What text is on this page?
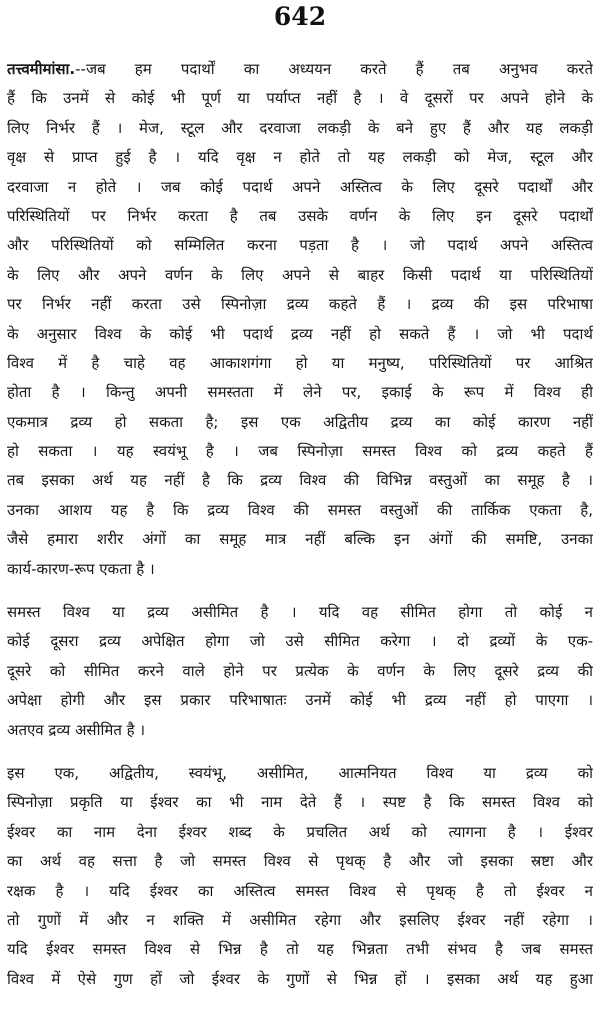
642
तत्त्वमीमांसा.--जब हम पदार्थों का अध्ययन करते हैं तब अनुभव करते
हैं कि उनमें से कोई भी पूर्ण या पर्याप्त नहीं है । वे दूसरों पर अपने होने के
लिए निर्भर हैं । मेज, स्टूल और दरवाजा लकड़ी के बने हुए हैं और यह लकड़ी
वृक्ष से प्राप्त हुई है । यदि वृक्ष न होते तो यह लकड़ी को मेज, स्टूल और
दरवाजा न होते । जब कोई पदार्थ अपने अस्तित्व के लिए दूसरे पदार्थों और
परिस्थितियों पर निर्भर करता है तब उसके वर्णन के लिए इन दूसरे पदार्थों
और परिस्थितियों को सम्मिलित करना पड़ता है । जो पदार्थ अपने अस्तित्व
के लिए और अपने वर्णन के लिए अपने से बाहर किसी पदार्थ या परिस्थितियों
पर निर्भर नहीं करता उसे स्पिनोज़ा द्रव्य कहते हैं । द्रव्य की इस परिभाषा
के अनुसार विश्व के कोई भी पदार्थ द्रव्य नहीं हो सकते हैं । जो भी पदार्थ
विश्व में है चाहे वह आकाशगंगा हो या मनुष्य, परिस्थितियों पर आश्रित
होता है । किन्तु अपनी समस्तता में लेने पर, इकाई के रूप में विश्व ही
एकमात्र द्रव्य हो सकता है; इस एक अद्वितीय द्रव्य का कोई कारण नहीं
हो सकता । यह स्वयंभू है । जब स्पिनोज़ा समस्त विश्व को द्रव्य कहते हैं
तब इसका अर्थ यह नहीं है कि द्रव्य विश्व की विभिन्न वस्तुओं का समूह है ।
उनका आशय यह है कि द्रव्य विश्व की समस्त वस्तुओं की तार्किक एकता है,
जैसे हमारा शरीर अंगों का समूह मात्र नहीं बल्कि इन अंगों की समष्टि, उनका
कार्य-कारण-रूप एकता है ।
समस्त विश्व या द्रव्य असीमित है । यदि वह सीमित होगा तो कोई न
कोई दूसरा द्रव्य अपेक्षित होगा जो उसे सीमित करेगा । दो द्रव्यों के एक-
दूसरे को सीमित करने वाले होने पर प्रत्येक के वर्णन के लिए दूसरे द्रव्य की
अपेक्षा होगी और इस प्रकार परिभाषातः उनमें कोई भी द्रव्य नहीं हो पाएगा ।
अतएव द्रव्य असीमित है ।
इस एक, अद्वितीय, स्वयंभू, असीमित, आत्मनियत विश्व या द्रव्य को
स्पिनोज़ा प्रकृति या ईश्वर का भी नाम देते हैं । स्पष्ट है कि समस्त विश्व को
ईश्वर का नाम देना ईश्वर शब्द के प्रचलित अर्थ को त्यागना है । ईश्वर
का अर्थ वह सत्ता है जो समस्त विश्व से पृथक् है और जो इसका स्रष्टा और
रक्षक है । यदि ईश्वर का अस्तित्व समस्त विश्व से पृथक् है तो ईश्वर न
तो गुणों में और न शक्ति में असीमित रहेगा और इसलिए ईश्वर नहीं रहेगा ।
यदि ईश्वर समस्त विश्व से भिन्न है तो यह भिन्नता तभी संभव है जब समस्त
विश्व में ऐसे गुण हों जो ईश्वर के गुणों से भिन्न हों । इसका अर्थ यह हुआ
